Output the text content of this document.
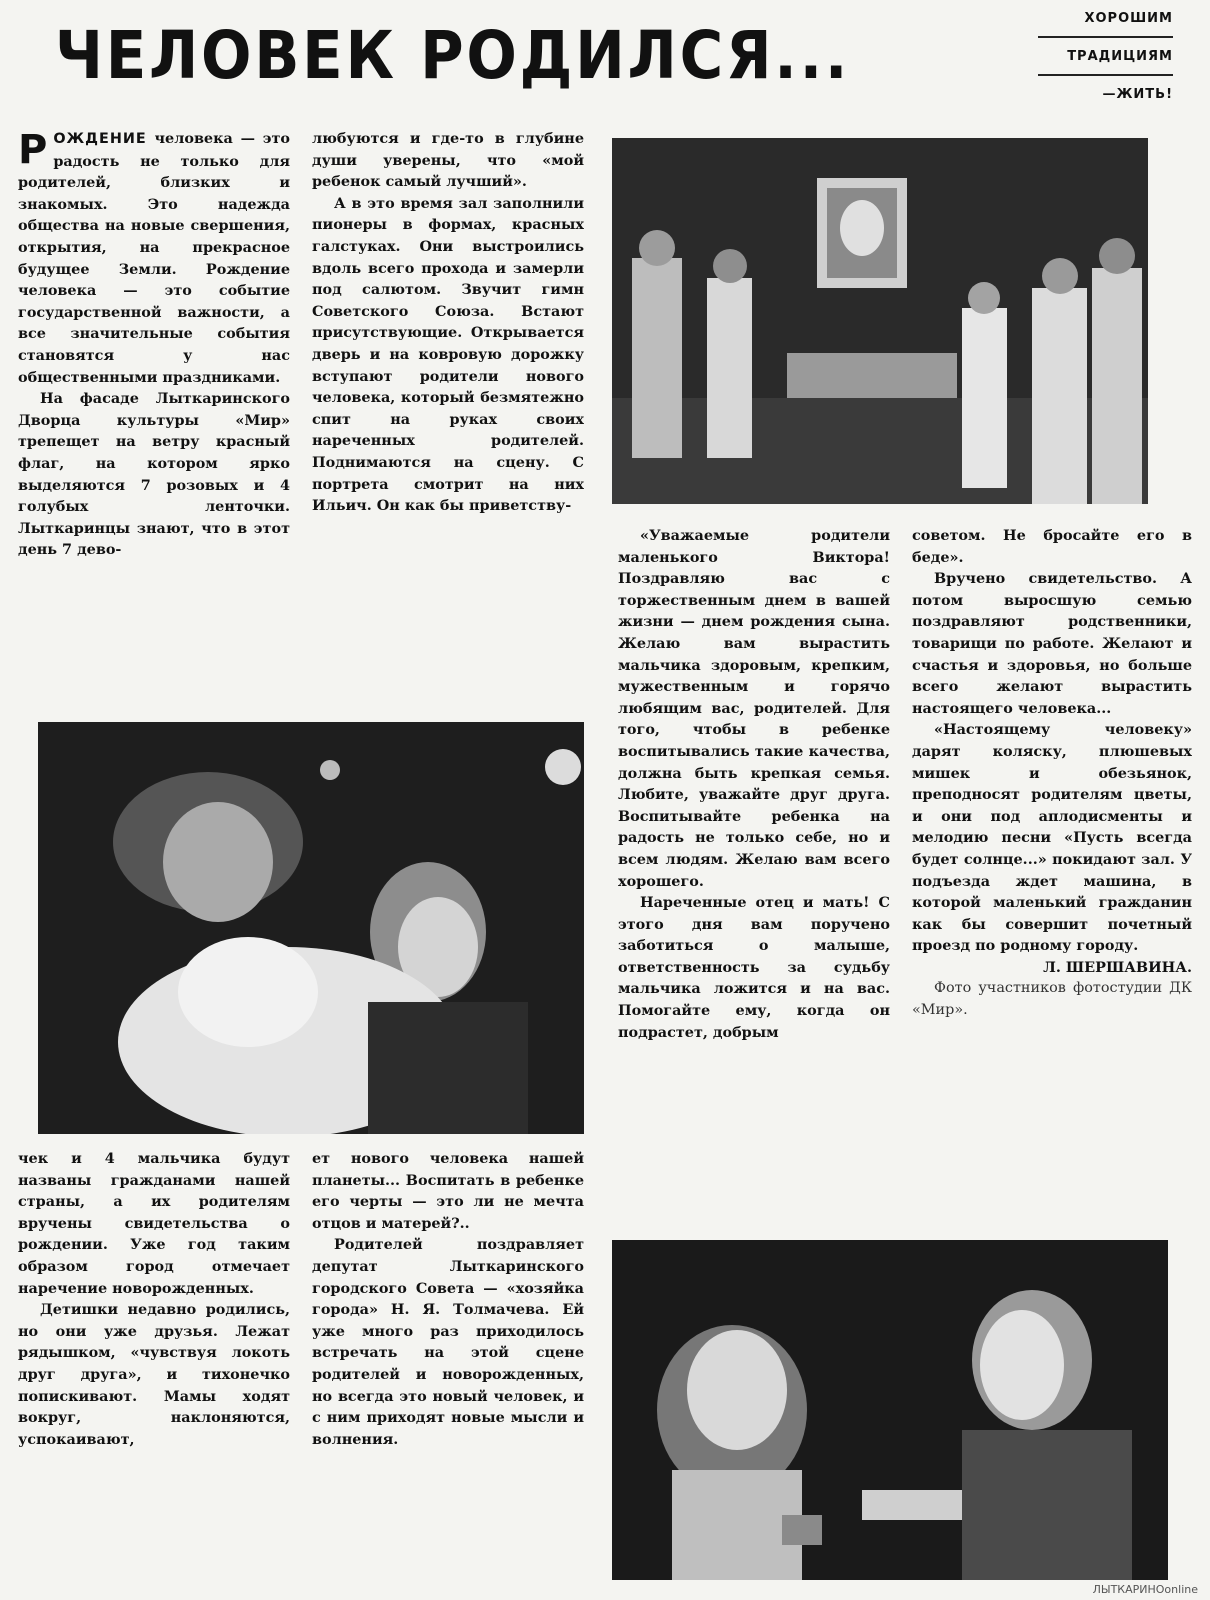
ЧЕЛОВЕК РОДИЛСЯ...	ХОРОШИМ
ТРАДИЦИЯМ
—ЖИТЬ!

РОЖДЕНИЕ человека — это радость не только для родителей, близких и знакомых. Это надежда общества на новые свершения, открытия, на прекрасное будущее Земли. Рождение человека — это событие государственной важности, а все значительные события становятся у нас общественными праздниками.

На фасаде Лыткаринского Дворца культуры «Мир» трепещет на ветру красный флаг, на котором ярко выделяются 7 розовых и 4 голубых ленточки. Лыткаринцы знают, что в этот день 7 дево-

любуются и где-то в глубине души уверены, что «мой ребенок самый лучший».

А в это время зал заполнили пионеры в формах, красных галстуках. Они выстроились вдоль всего прохода и замерли под салютом. Звучит гимн Советского Союза. Встают присутствующие. Открывается дверь и на ковровую дорожку вступают родители нового человека, который безмятежно спит на руках своих нареченных родителей. Поднимаются на сцену. С портрета смотрит на них Ильич. Он как бы приветству-

«Уважаемые родители маленького Виктора! Поздравляю вас с торжественным днем в вашей жизни — днем рождения сына. Желаю вам вырастить мальчика здоровым, крепким, мужественным и горячо любящим вас, родителей. Для того, чтобы в ребенке воспитывались такие качества, должна быть крепкая семья. Любите, уважайте друг друга. Воспитывайте ребенка на радость не только себе, но и всем людям. Желаю вам всего хорошего.

Нареченные отец и мать! С этого дня вам поручено заботиться о малыше, ответственность за судьбу мальчика ложится и на вас. Помогайте ему, когда он подрастет, добрым

советом. Не бросайте его в беде».

Вручено свидетельство. А потом выросшую семью поздравляют родственники, товарищи по работе. Желают и счастья и здоровья, но больше всего желают вырастить настоящего человека...

«Настоящему человеку» дарят коляску, плюшевых мишек и обезьянок, преподносят родителям цветы, и они под аплодисменты и мелодию песни «Пусть всегда будет солнце...» покидают зал. У подъезда ждет машина, в которой маленький гражданин как бы совершит почетный проезд по родному городу.

Л. ШЕРШАВИНА.

Фото участников фотостудии ДК «Мир».

чек и 4 мальчика будут названы гражданами нашей страны, а их родителям вручены свидетельства о рождении. Уже год таким образом город отмечает наречение новорожденных.

Детишки недавно родились, но они уже друзья. Лежат рядышком, «чувствуя локоть друг друга», и тихонечко попискивают. Мамы ходят вокруг, наклоняются, успокаивают,

ет нового человека нашей планеты... Воспитать в ребенке его черты — это ли не мечта отцов и матерей?..

Родителей поздравляет депутат Лыткаринского городского Совета — «хозяйка города» Н. Я. Толмачева. Ей уже много раз приходилось встречать на этой сцене родителей и новорожденных, но всегда это новый человек, и с ним приходят новые мысли и волнения.

ЛЫТКАРИНОonline
